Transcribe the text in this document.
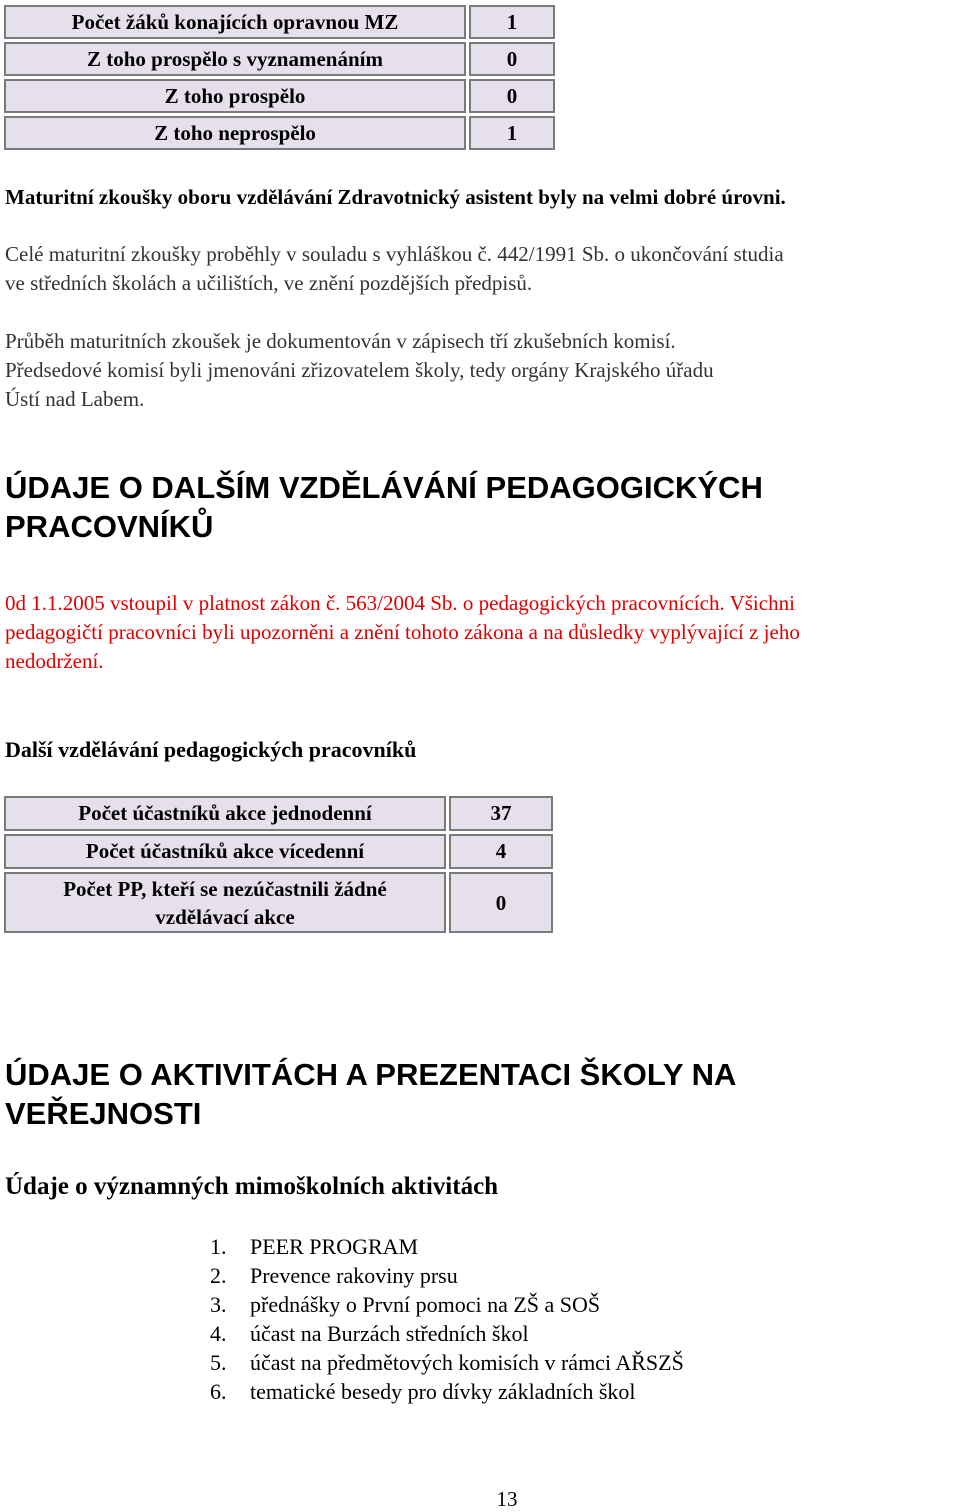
Počet žáků konajících opravnou MZ	1
Z toho prospělo s vyznamenáním	0
Z toho prospělo	0
Z toho neprospělo	1
Maturitní zkoušky oboru vzdělávání Zdravotnický asistent byly na velmi dobré úrovni.
Celé maturitní zkoušky proběhly v souladu s vyhláškou č. 442/1991 Sb. o ukončování studia
ve středních školách a učilištích, ve znění pozdějších předpisů.
Průběh maturitních zkoušek je dokumentován v zápisech tří zkušebních komisí.
Předsedové komisí byli jmenováni zřizovatelem školy, tedy orgány Krajského úřadu
Ústí nad Labem.
ÚDAJE O DALŠÍM VZDĚLÁVÁNÍ PEDAGOGICKÝCH
PRACOVNÍKŮ
0d 1.1.2005 vstoupil v platnost zákon č. 563/2004 Sb. o pedagogických pracovnících. Všichni
pedagogičtí pracovníci byli upozorněni a znění tohoto zákona a na důsledky vyplývající z jeho
nedodržení.
Další vzdělávání pedagogických pracovníků
Počet účastníků akce jednodenní	37
Počet účastníků akce vícedenní	4

Počet PP, kteří se nezúčastnili žádné
vzdělávací akce	0
ÚDAJE O AKTIVITÁCH A PREZENTACI ŠKOLY NA
VEŘEJNOSTI
Údaje o významných mimoškolních aktivitách
1.	PEER PROGRAM
2.	Prevence rakoviny prsu
3.	přednášky o První pomoci na ZŠ a SOŠ
4.	účast na Burzách středních škol
5.	účast na předmětových komisích v rámci AŘSZŠ
6.	tematické besedy pro dívky základních škol
13
